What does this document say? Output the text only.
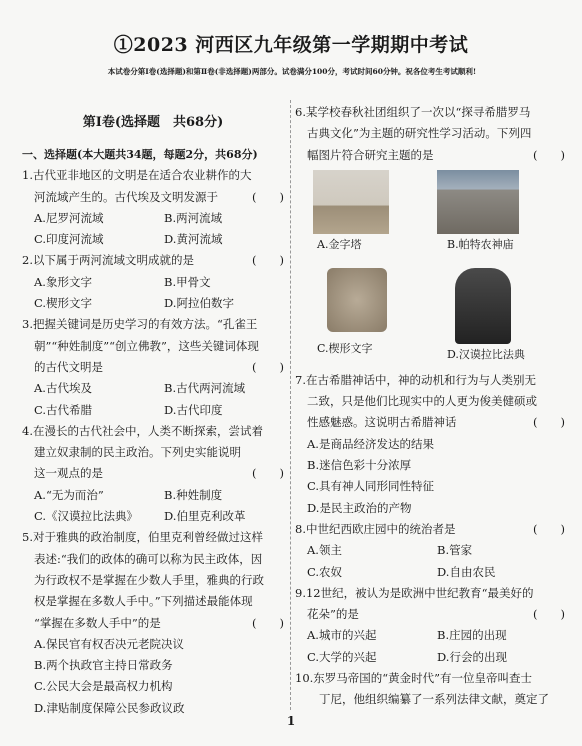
①2023 河西区九年级第一学期期中考试
本试卷分第Ⅰ卷(选择题)和第Ⅱ卷(非选择题)两部分。试卷满分100分，考试时间60分钟。祝各位考生考试顺利!

第Ⅰ卷(选择题　共68分)

一、选择题(本大题共34题，每题2分，共68分)

1.古代亚非地区的文明是在适合农业耕作的大

河流域产生的。古代埃及文明发源于	(　　)

A.尼罗河流域	B.两河流域

C.印度河流域	D.黄河流域

2.以下属于两河流域文明成就的是	(　　)

A.象形文字	B.甲骨文

C.楔形文字	D.阿拉伯数字

3.把握关键词是历史学习的有效方法。“孔雀王

朝”“种姓制度”“创立佛教”，这些关键词体现

的古代文明是	(　　)

A.古代埃及	B.古代两河流域

C.古代希腊	D.古代印度

4.在漫长的古代社会中，人类不断探索，尝试着

建立奴隶制的民主政治。下列史实能说明

这一观点的是	(　　)

A.“无为而治”	B.种姓制度

C.《汉谟拉比法典》	D.伯里克利改革

5.对于雅典的政治制度，伯里克利曾经做过这样

表述:“我们的政体的确可以称为民主政体，因

为行政权不是掌握在少数人手里，雅典的行政

权是掌握在多数人手中。”下列描述最能体现

“掌握在多数人手中”的是	(　　)

A.保民官有权否决元老院决议

B.两个执政官主持日常政务

C.公民大会是最高权力机构

D.津贴制度保障公民参政议政

6.某学校春秋社团组织了一次以“探寻希腊罗马

古典文化”为主题的研究性学习活动。下列四

幅图片符合研究主题的是	(　　)

A.金字塔	B.帕特农神庙
C.楔形文字	D.汉谟拉比法典

7.在古希腊神话中，神的动机和行为与人类别无

二致，只是他们比现实中的人更为俊美健硕或

性感魅惑。这说明古希腊神话	(　　)

A.是商品经济发达的结果

B.迷信色彩十分浓厚

C.具有神人同形同性特征

D.是民主政治的产物

8.中世纪西欧庄园中的统治者是	(　　)

A.领主	B.管家

C.农奴	D.自由农民

9.12世纪，被认为是欧洲中世纪教育“最美好的

花朵”的是	(　　)

A.城市的兴起	B.庄园的出现

C.大学的兴起	D.行会的出现

10.东罗马帝国的“黄金时代”有一位皇帝叫查士

丁尼，他组织编纂了一系列法律文献，奠定了

1
